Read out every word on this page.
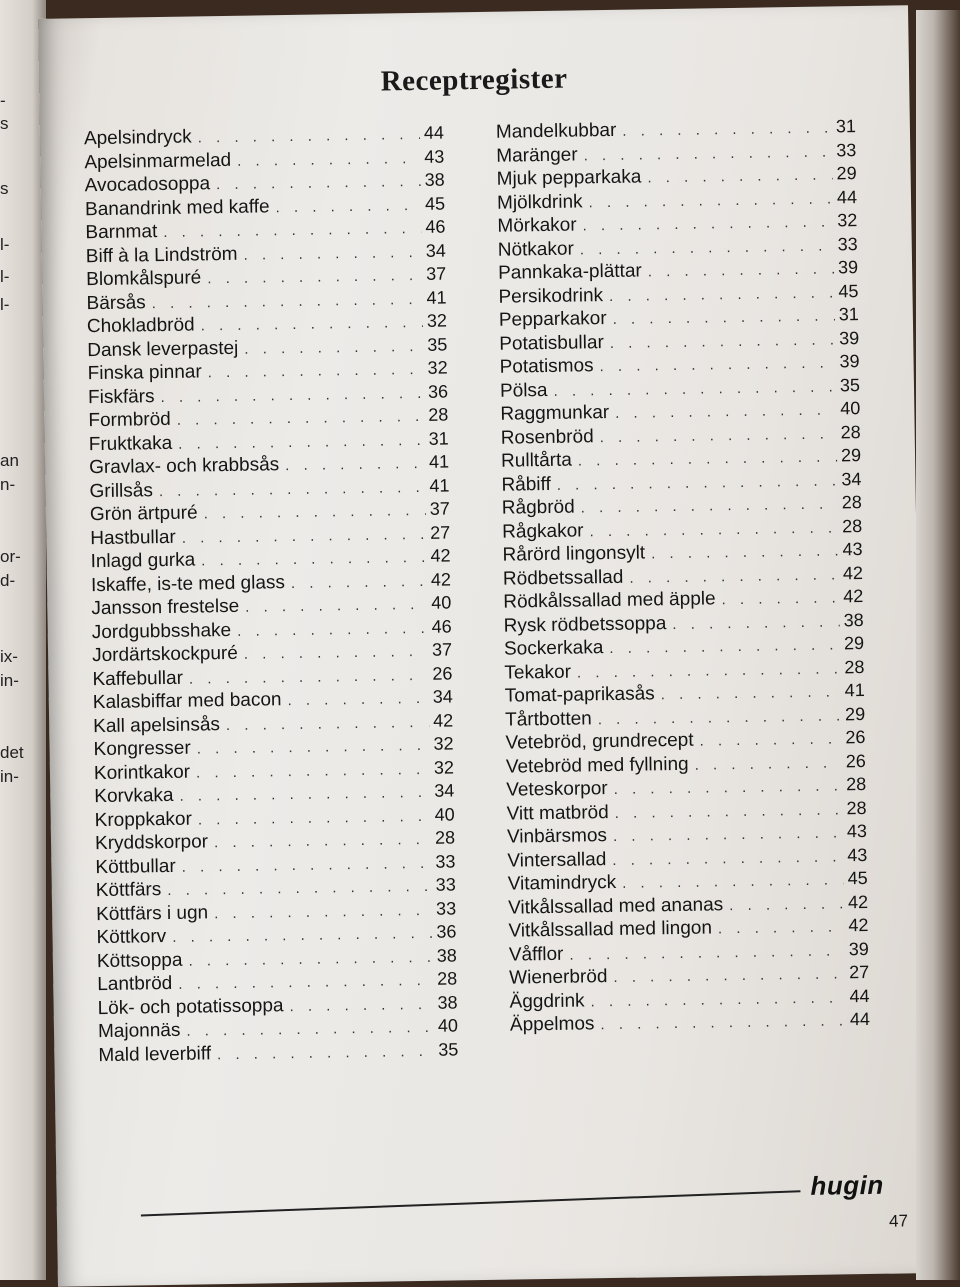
-
s
s
l-
l-
l-
an
n-
or-
d-
ix-
in-
det
in-
Receptregister
Apelsindryck . . .	44
Apelsinmarmelad . . .	43
Avocadosoppa . . .	38
Banandrink med kaffe . . .	45
Barnmat . . .	46
Biff à la Lindström . . .	34
Blomkålspuré . . .	37
Bärsås . . .	41
Chokladbröd . . .	32
Dansk leverpastej . . .	35
Finska pinnar . . .	32
Fiskfärs . . .	36
Formbröd . . .	28
Fruktkaka . . .	31
Gravlax- och krabbsås . . .	41
Grillsås . . .	41
Grön ärtpuré . . .	37
Hastbullar . . .	27
Inlagd gurka . . .	42
Iskaffe, is-te med glass . . .	42
Jansson frestelse . . .	40
Jordgubbsshake . . .	46
Jordärtskockpuré . . .	37
Kaffebullar . . .	26
Kalasbiffar med bacon . . .	34
Kall apelsinsås . . .	42
Kongresser . . .	32
Korintkakor . . .	32
Korvkaka . . .	34
Kroppkakor . . .	40
Kryddskorpor . . .	28
Köttbullar . . .	33
Köttfärs . . .	33
Köttfärs i ugn . . .	33
Köttkorv . . .	36
Köttsoppa . . .	38
Lantbröd . . .	28
Lök- och potatissoppa . . .	38
Majonnäs . . .	40
Mald leverbiff . . .	35
Mandelkubbar . . .	31
Maränger . . .	33
Mjuk pepparkaka . . .	29
Mjölkdrink . . .	44
Mörkakor . . .	32
Nötkakor . . .	33
Pannkaka-plättar . . .	39
Persikodrink . . .	45
Pepparkakor . . .	31
Potatisbullar . . .	39
Potatismos . . .	39
Pölsa . . .	35
Raggmunkar . . .	40
Rosenbröd . . .	28
Rulltårta . . .	29
Råbiff . . .	34
Rågbröd . . .	28
Rågkakor . . .	28
Rårörd lingonsylt . . .	43
Rödbetssallad . . .	42
Rödkålssallad med äpple . . .	42
Rysk rödbetssoppa . . .	38
Sockerkaka . . .	29
Tekakor . . .	28
Tomat-paprikasås . . .	41
Tårtbotten . . .	29
Vetebröd, grundrecept . . .	26
Vetebröd med fyllning . . .	26
Veteskorpor . . .	28
Vitt matbröd . . .	28
Vinbärsmos . . .	43
Vintersallad . . .	43
Vitamindryck . . .	45
Vitkålssallad med ananas . . .	42
Vitkålssallad med lingon . . .	42
Våfflor . . .	39
Wienerbröd . . .	27
Äggdrink . . .	44
Äppelmos . . .	44
hugin
47
